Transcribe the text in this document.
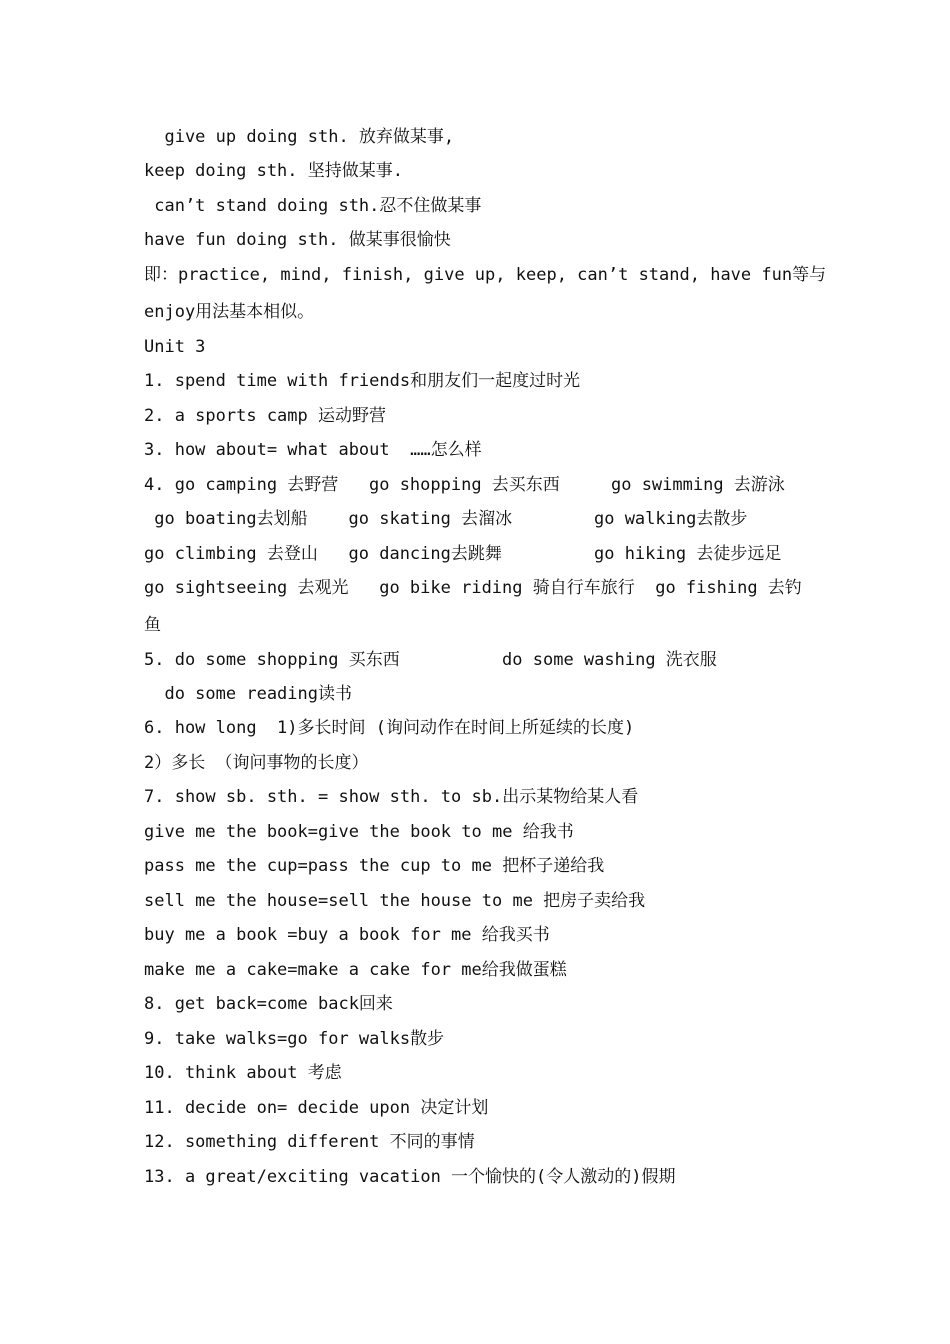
give up doing sth. 放弃做某事,
keep doing sth. 坚持做某事.
can’t stand doing sth.忍不住做某事
have fun doing sth. 做某事很愉快
即：practice, mind, finish, give up, keep, can’t stand, have fun等与
enjoy用法基本相似。
Unit 3
1. spend time with friends和朋友们一起度过时光
2. a sports camp 运动野营
3. how about= what about  ……怎么样
4. go camping 去野营   go shopping 去买东西     go swimming 去游泳
go boating去划船    go skating 去溜冰        go walking去散步
go climbing 去登山   go dancing去跳舞         go hiking 去徒步远足
go sightseeing 去观光   go bike riding 骑自行车旅行  go fishing 去钓
鱼
5. do some shopping 买东西          do some washing 洗衣服
do some reading读书
6. how long  1)多长时间 (询问动作在时间上所延续的长度)
2）多长 （询问事物的长度）
7. show sb. sth. = show sth. to sb.出示某物给某人看
give me the book=give the book to me 给我书
pass me the cup=pass the cup to me 把杯子递给我
sell me the house=sell the house to me 把房子卖给我
buy me a book =buy a book for me 给我买书
make me a cake=make a cake for me给我做蛋糕
8. get back=come back回来
9. take walks=go for walks散步
10. think about 考虑
11. decide on= decide upon 决定计划
12. something different 不同的事情
13. a great/exciting vacation 一个愉快的(令人激动的)假期
